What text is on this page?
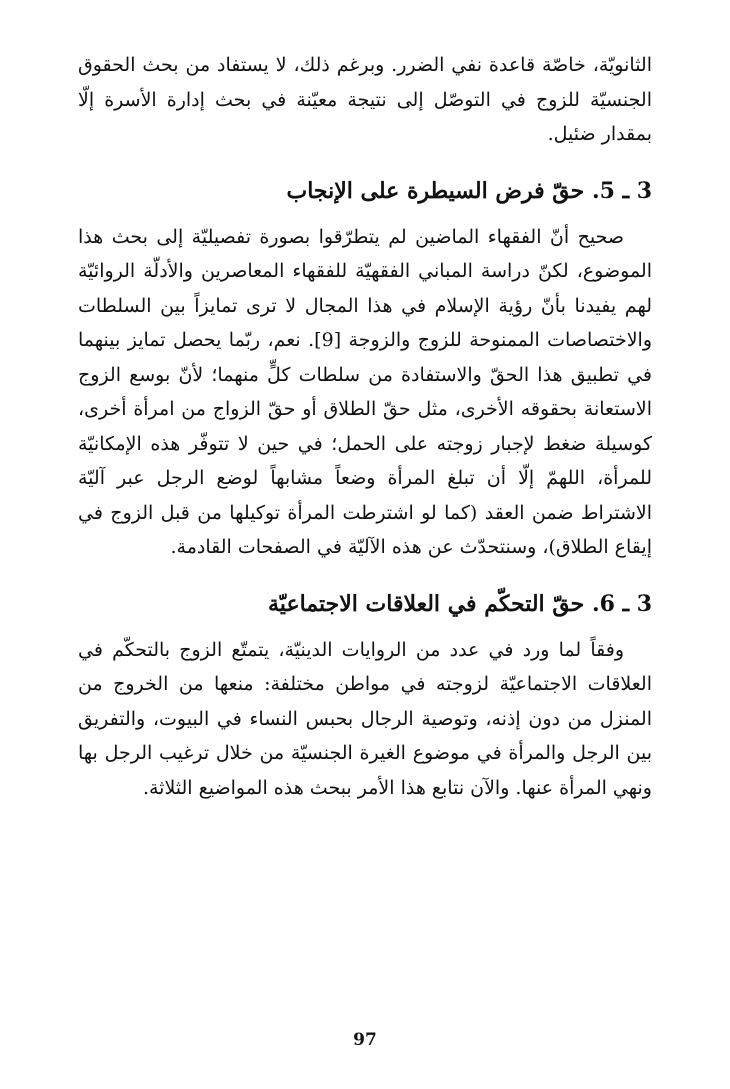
الثانويّة، خاصّة قاعدة نفي الضرر. وبرغم ذلك، لا يستفاد من بحث الحقوق الجنسيّة للزوج في التوصّل إلى نتيجة معيّنة في بحث إدارة الأسرة إلّا بمقدار ضئيل.

3 ـ 5. حقّ فرض السيطرة على الإنجاب

صحيح أنّ الفقهاء الماضين لم يتطرّقوا بصورة تفصيليّة إلى بحث هذا الموضوع، لكنّ دراسة المباني الفقهيّة للفقهاء المعاصرين والأدلّة الروائيّة لهم يفيدنا بأنّ رؤية الإسلام في هذا المجال لا ترى تمايزاً بين السلطات والاختصاصات الممنوحة للزوج والزوجة [9]. نعم، ربّما يحصل تمايز بينهما في تطبيق هذا الحقّ والاستفادة من سلطات كلٍّ منهما؛ لأنّ بوسع الزوج الاستعانة بحقوقه الأخرى، مثل حقّ الطلاق أو حقّ الزواج من امرأة أخرى، كوسيلة ضغط لإجبار زوجته على الحمل؛ في حين لا تتوفّر هذه الإمكانيّة للمرأة، اللهمّ إلّا أن تبلغ المرأة وضعاً مشابهاً لوضع الرجل عبر آليّة الاشتراط ضمن العقد (كما لو اشترطت المرأة توكيلها من قبل الزوج في إيقاع الطلاق)، وسنتحدّث عن هذه الآليّة في الصفحات القادمة.

3 ـ 6. حقّ التحكّم في العلاقات الاجتماعيّة

وفقاً لما ورد في عدد من الروايات الدينيّة، يتمتّع الزوج بالتحكّم في العلاقات الاجتماعيّة لزوجته في مواطن مختلفة: منعها من الخروج من المنزل من دون إذنه، وتوصية الرجال بحبس النساء في البيوت، والتفريق بين الرجل والمرأة في موضوع الغيرة الجنسيّة من خلال ترغيب الرجل بها ونهي المرأة عنها. والآن نتابع هذا الأمر ببحث هذه المواضيع الثلاثة.

97
